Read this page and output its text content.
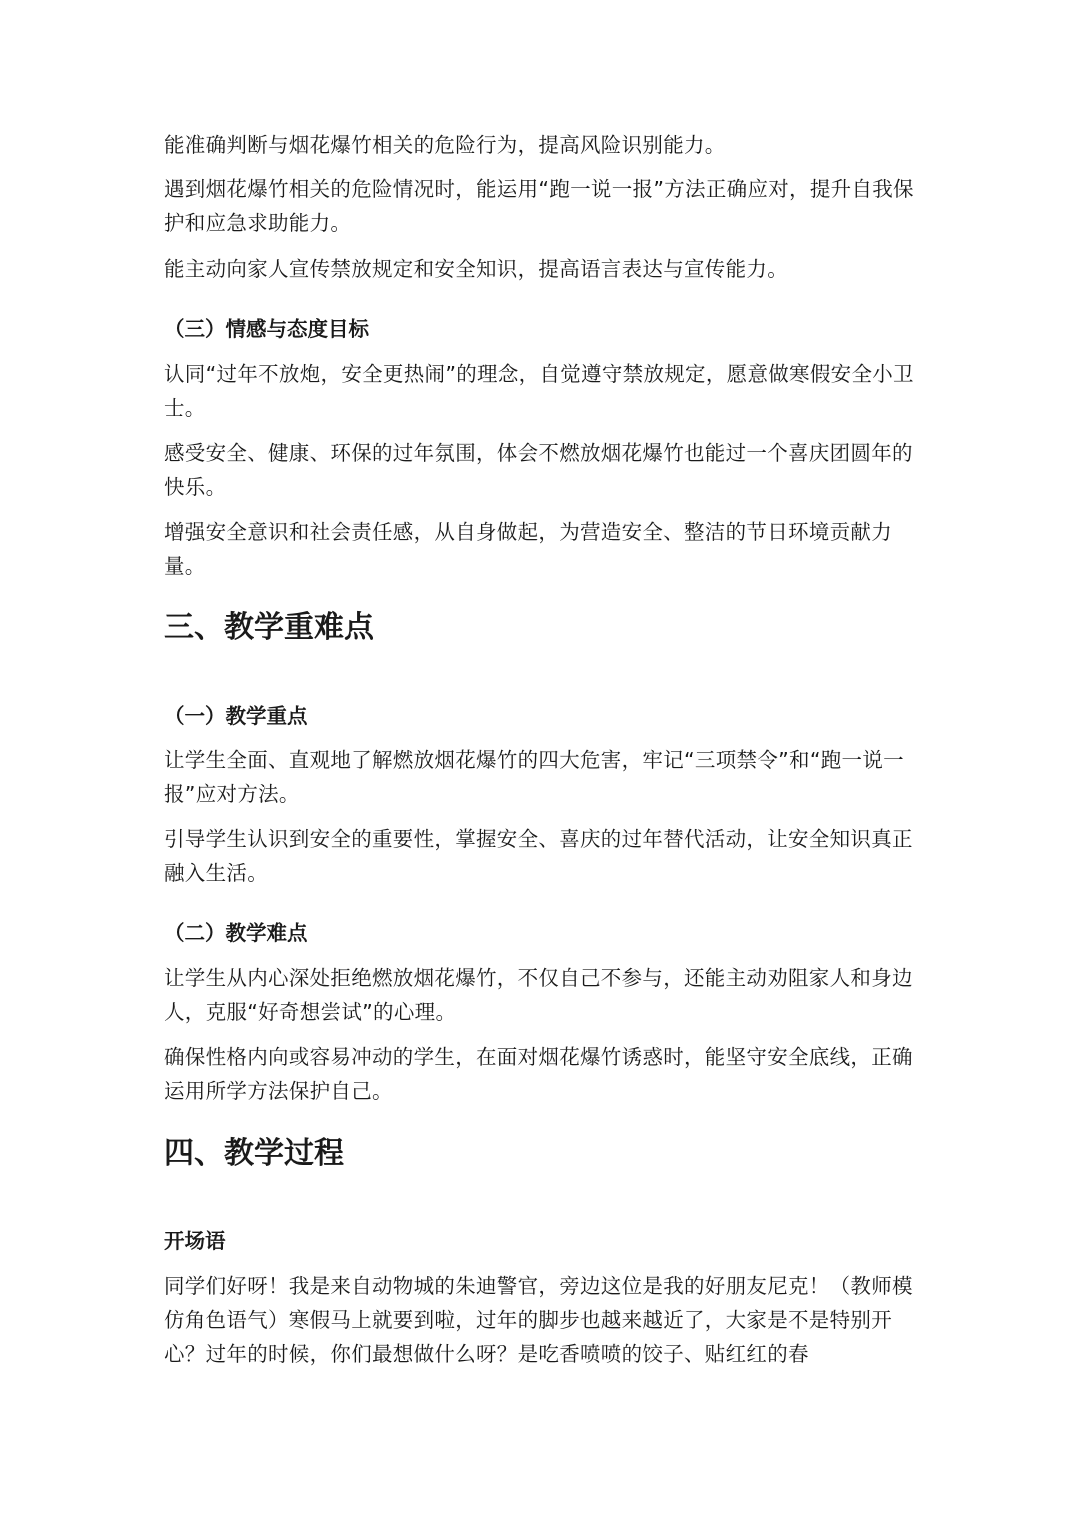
能准确判断与烟花爆竹相关的危险行为，提高风险识别能力。

遇到烟花爆竹相关的危险情况时，能运用“跑一说一报”方法正确应对，提升自我保护和应急求助能力。

能主动向家人宣传禁放规定和安全知识，提高语言表达与宣传能力。

（三）情感与态度目标

认同“过年不放炮，安全更热闹”的理念，自觉遵守禁放规定，愿意做寒假安全小卫士。

感受安全、健康、环保的过年氛围，体会不燃放烟花爆竹也能过一个喜庆团圆年的快乐。

增强安全意识和社会责任感，从自身做起，为营造安全、整洁的节日环境贡献力量。

三、教学重难点
（一）教学重点

让学生全面、直观地了解燃放烟花爆竹的四大危害，牢记“三项禁令”和“跑一说一报”应对方法。

引导学生认识到安全的重要性，掌握安全、喜庆的过年替代活动，让安全知识真正融入生活。

（二）教学难点

让学生从内心深处拒绝燃放烟花爆竹，不仅自己不参与，还能主动劝阻家人和身边人，克服“好奇想尝试”的心理。

确保性格内向或容易冲动的学生，在面对烟花爆竹诱惑时，能坚守安全底线，正确运用所学方法保护自己。

四、教学过程
开场语

同学们好呀！我是来自动物城的朱迪警官，旁边这位是我的好朋友尼克！（教师模仿角色语气）寒假马上就要到啦，过年的脚步也越来越近了，大家是不是特别开心？过年的时候，你们最想做什么呀？是吃香喷喷的饺子、贴红红的春
